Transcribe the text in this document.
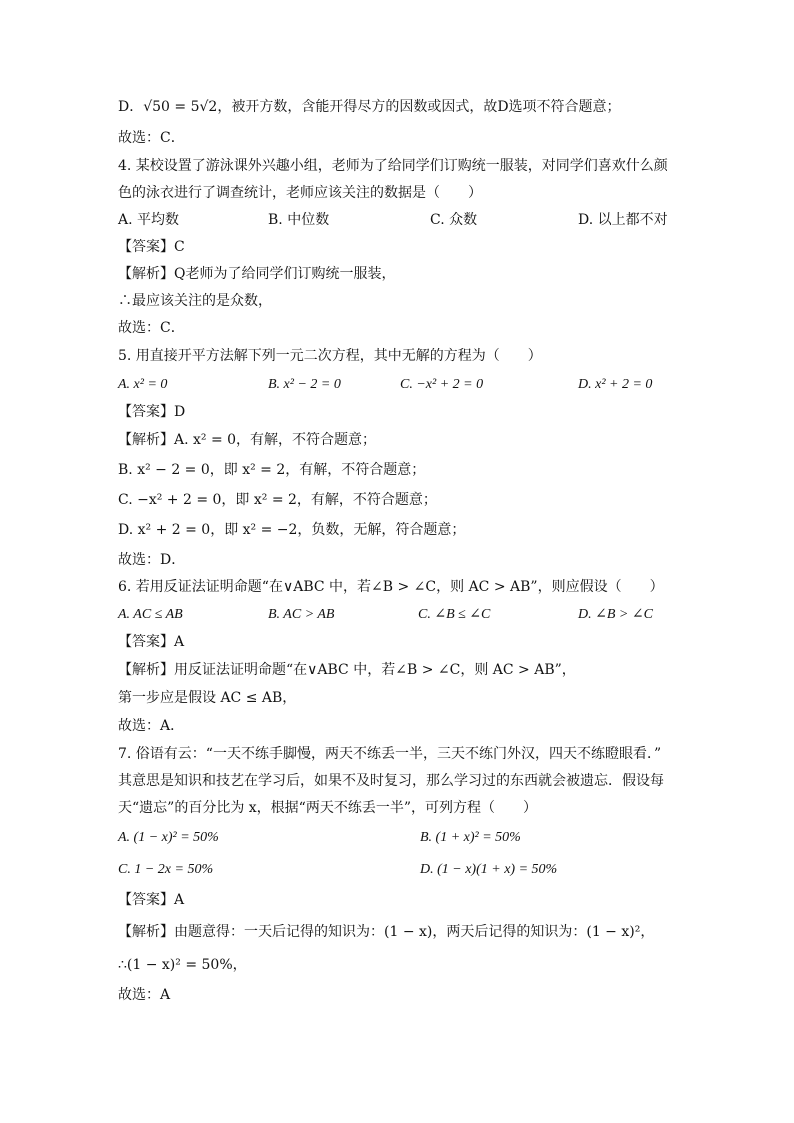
D．√50 = 5√2，被开方数，含能开得尽方的因数或因式，故D选项不符合题意；
故选：C．
4. 某校设置了游泳课外兴趣小组，老师为了给同学们订购统一服装，对同学们喜欢什么颜
色的泳衣进行了调查统计，老师应该关注的数据是（　　）
A. 平均数	B. 中位数	C. 众数	D. 以上都不对
【答案】C
【解析】Q老师为了给同学们订购统一服装，
∴最应该关注的是众数，
故选：C．
5. 用直接开平方法解下列一元二次方程，其中无解的方程为（　　）
A. x² = 0	B. x² − 2 = 0	C. −x² + 2 = 0	D. x² + 2 = 0
【答案】D
【解析】A. x² = 0，有解，不符合题意；
B. x² − 2 = 0，即 x² = 2，有解，不符合题意；
C. −x² + 2 = 0，即 x² = 2，有解，不符合题意；
D. x² + 2 = 0，即 x² = −2，负数，无解，符合题意；
故选：D．
6. 若用反证法证明命题“在∨ABC 中，若∠B > ∠C，则 AC > AB”，则应假设（　　）
A. AC ≤ AB	B. AC > AB	C. ∠B ≤ ∠C	D. ∠B > ∠C
【答案】A
【解析】用反证法证明命题“在∨ABC 中，若∠B > ∠C，则 AC > AB”，
第一步应是假设 AC ≤ AB，
故选：A．
7. 俗语有云：“一天不练手脚慢，两天不练丢一半，三天不练门外汉，四天不练瞪眼看．”
其意思是知识和技艺在学习后，如果不及时复习，那么学习过的东西就会被遗忘．假设每
天“遗忘”的百分比为 x，根据“两天不练丢一半”，可列方程（　　）
A. (1 − x)² = 50%	B. (1 + x)² = 50%
C. 1 − 2x = 50%	D. (1 − x)(1 + x) = 50%
【答案】A
【解析】由题意得：一天后记得的知识为：(1 − x)，两天后记得的知识为：(1 − x)²，
∴(1 − x)² = 50%，
故选：A
